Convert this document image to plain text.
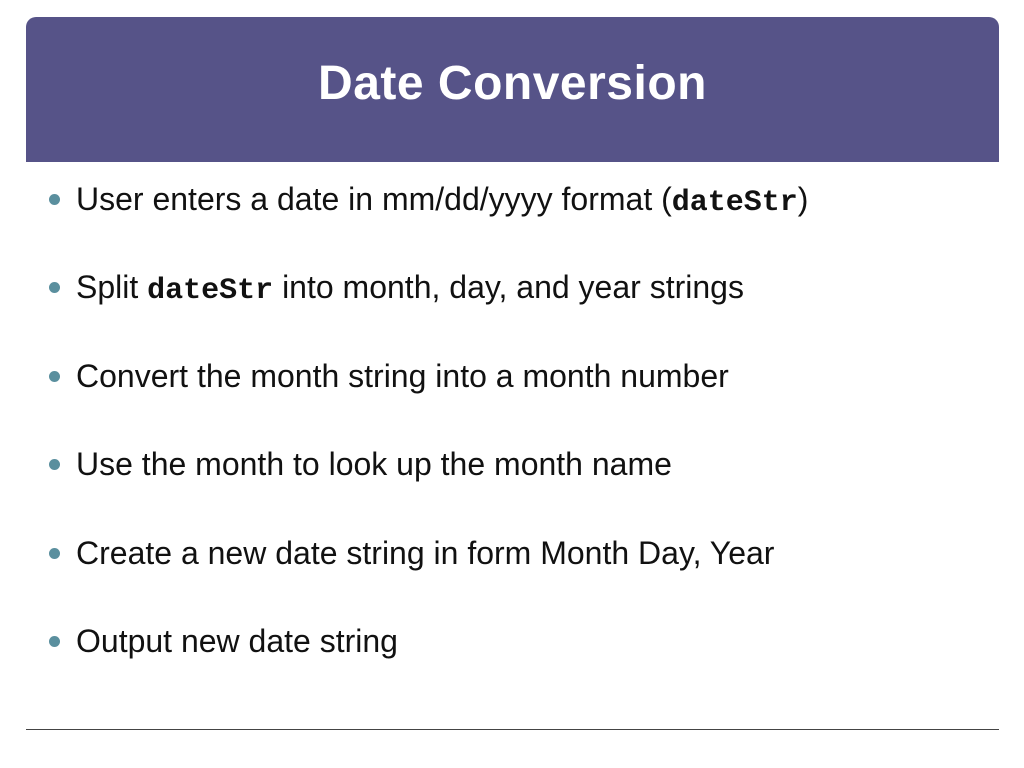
Date Conversion
User enters a date in mm/dd/yyyy format (dateStr)
Split dateStr into month, day, and year strings
Convert the month string into a month number
Use the month to look up the month name
Create a new date string in form Month Day, Year
Output new date string
